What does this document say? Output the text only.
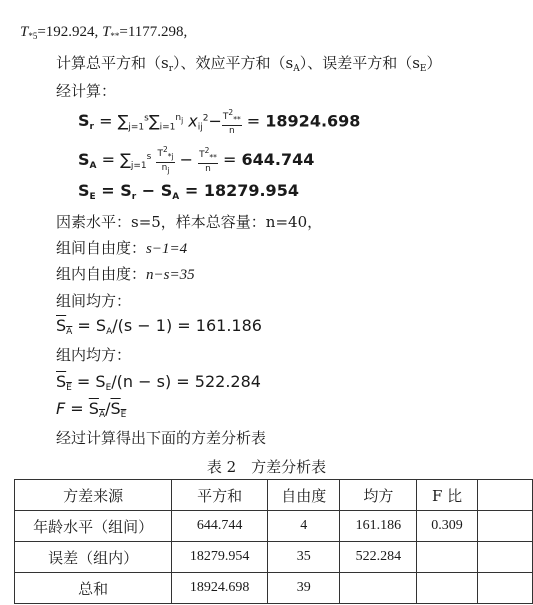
$T_{*5}=192.924$, $T_{**}=1177.298$,
计算总平方和$(s_r)$、效应平方和$(s_A)$、误差平方和$(s_E)$
经计算：
$S_r = \sum_{j=1}^s\sum_{i=1}^{n_j}$ $x_{ij}^2- \frac{T^2_{**}}{n} = 18924.698$
$S_A = \sum_{j=1}^s \frac{T^2_{*j}}{n_j} - \frac{T^2_{**}}{n} = 644.744$
$S_E = S_r - S_A = 18279.954$
因素水平：s=5，样本总容量：n=40，
组间自由度：s−1=4
组内自由度：n−s=35
组间均方：
$S_A = S_A/(s - 1) = 161.186$
组内均方：
$S_E = S_E/(n - s) = 522.284$
$F = S_A/S_E$
经过计算得出下面的方差分析表
表 2　方差分析表
方差来源	平方和	自由度	均方	F 比	
年龄水平（组间）	644.744	4	161.186	0.309	
误差（组内）	18279.954	35	522.284		
总和	18924.698	39			
